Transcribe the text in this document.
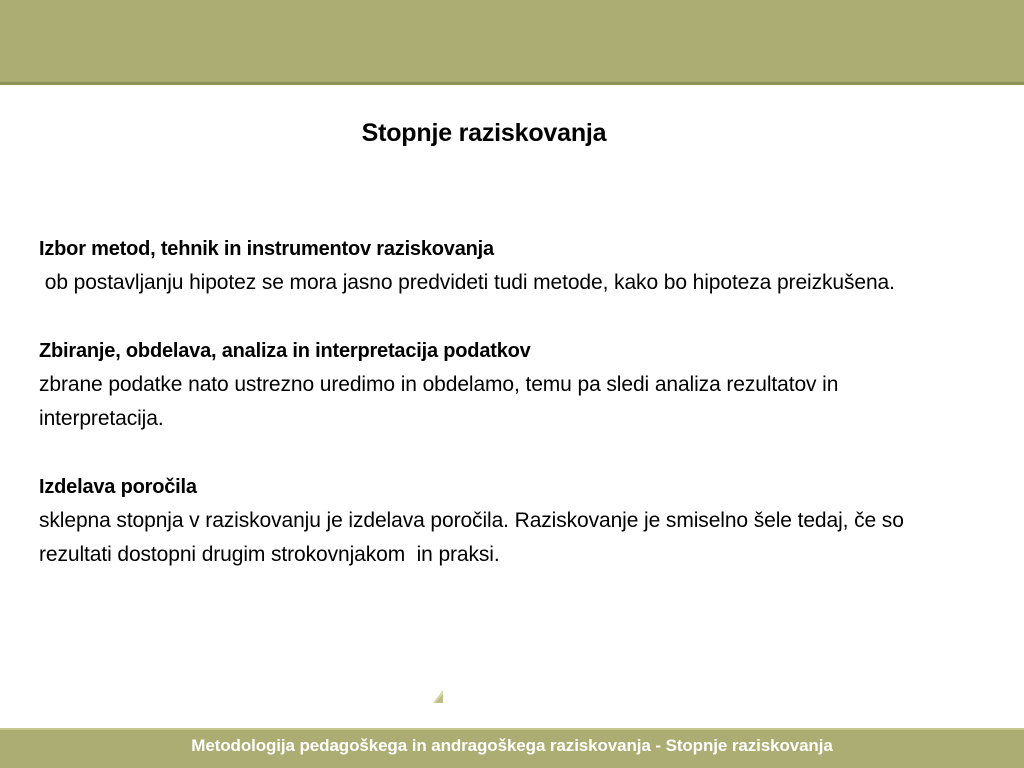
Stopnje raziskovanja
Izbor metod, tehnik in instrumentov raziskovanja
ob postavljanju hipotez se mora jasno predvideti tudi metode, kako bo hipoteza preizkušena.
Zbiranje, obdelava, analiza in interpretacija podatkov
zbrane podatke nato ustrezno uredimo in obdelamo, temu pa sledi analiza rezultatov in interpretacija.
Izdelava poročila
sklepna stopnja v raziskovanju je izdelava poročila. Raziskovanje je smiselno šele tedaj, če so rezultati dostopni drugim strokovnjakom  in praksi.
Metodologija pedagoškega in andragoškega raziskovanja - Stopnje raziskovanja
